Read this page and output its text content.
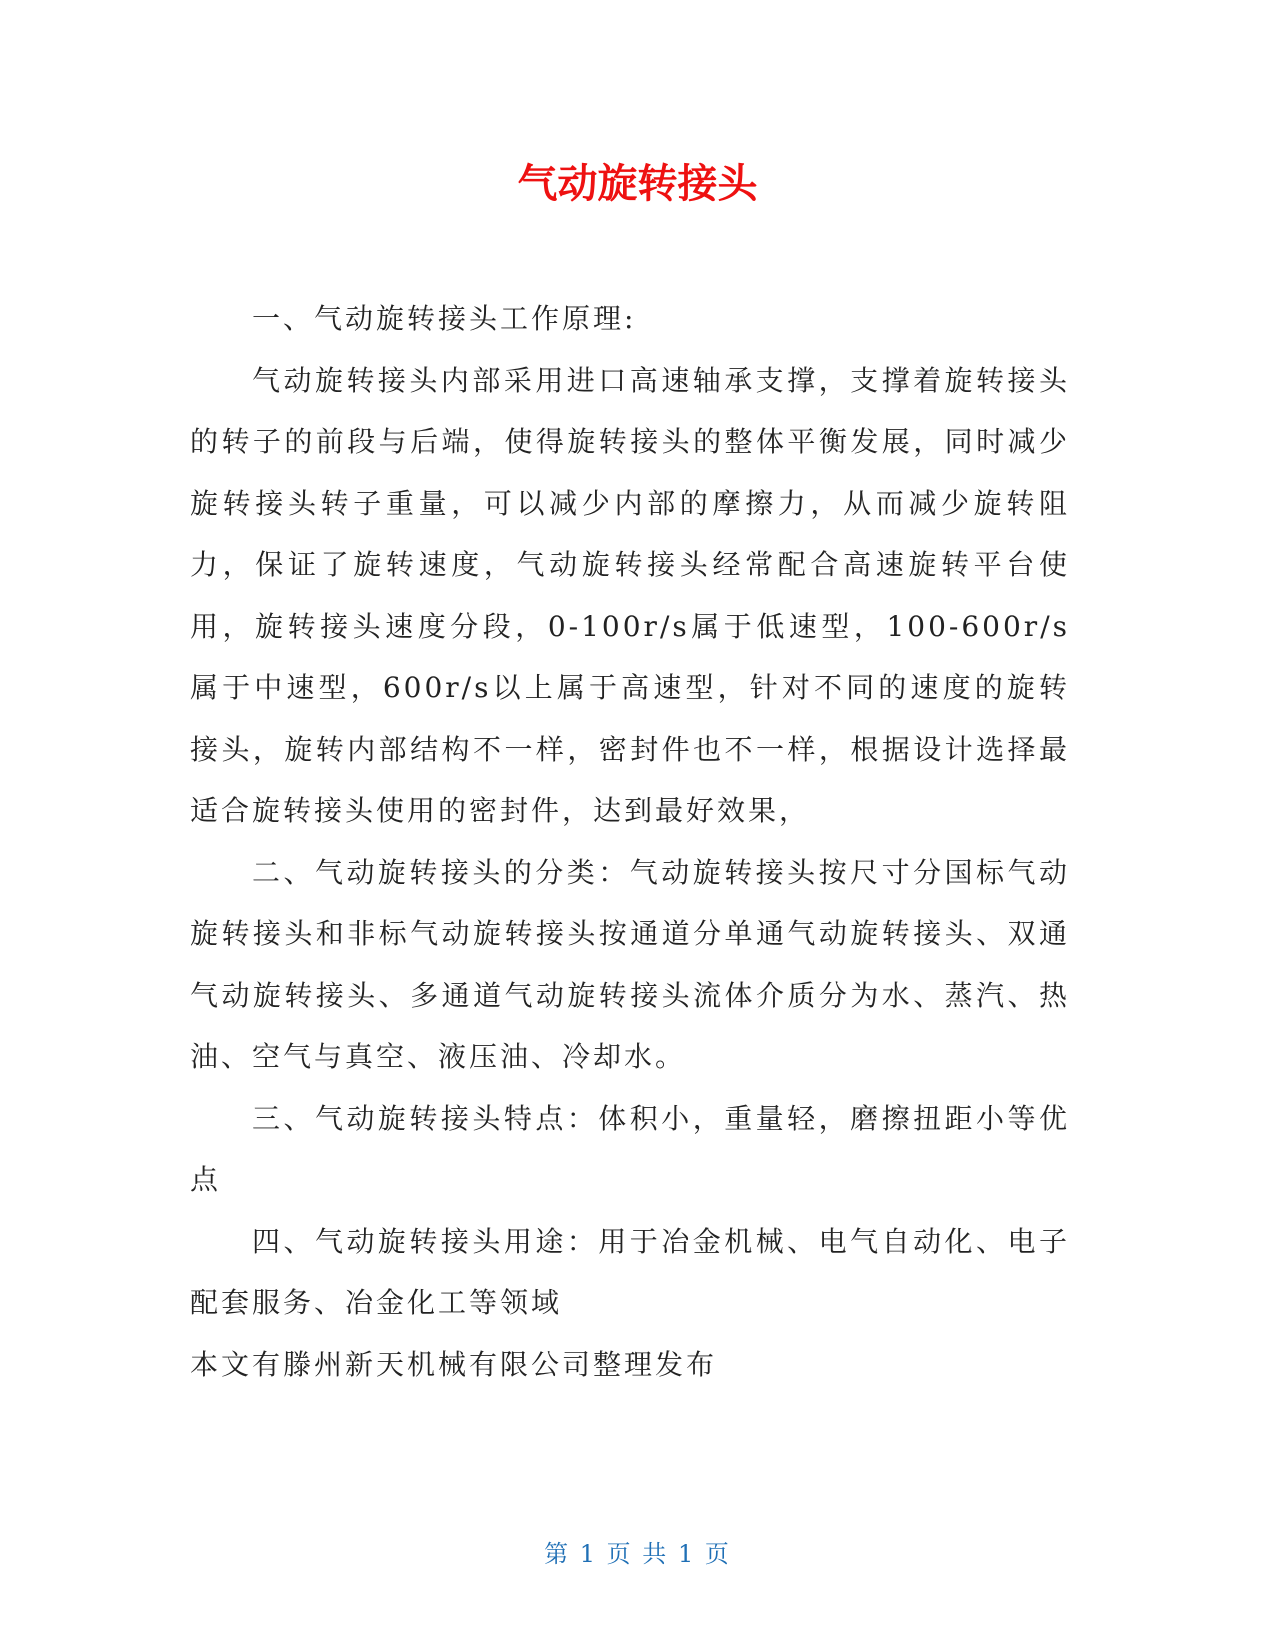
气动旋转接头

一、气动旋转接头工作原理:

气动旋转接头内部采用进口高速轴承支撑，支撑着旋转接头的转子的前段与后端，使得旋转接头的整体平衡发展，同时减少旋转接头转子重量，可以减少内部的摩擦力，从而减少旋转阻力，保证了旋转速度，气动旋转接头经常配合高速旋转平台使用，旋转接头速度分段，0-100r/s属于低速型，100-600r/s属于中速型，600r/s以上属于高速型，针对不同的速度的旋转接头，旋转内部结构不一样，密封件也不一样，根据设计选择最适合旋转接头使用的密封件，达到最好效果，

二、气动旋转接头的分类：气动旋转接头按尺寸分国标气动旋转接头和非标气动旋转接头按通道分单通气动旋转接头、双通气动旋转接头、多通道气动旋转接头流体介质分为水、蒸汽、热油、空气与真空、液压油、冷却水。

三、气动旋转接头特点：体积小，重量轻，磨擦扭距小等优点

四、气动旋转接头用途：用于冶金机械、电气自动化、电子配套服务、冶金化工等领域

本文有滕州新天机械有限公司整理发布

第 1 页 共 1 页
